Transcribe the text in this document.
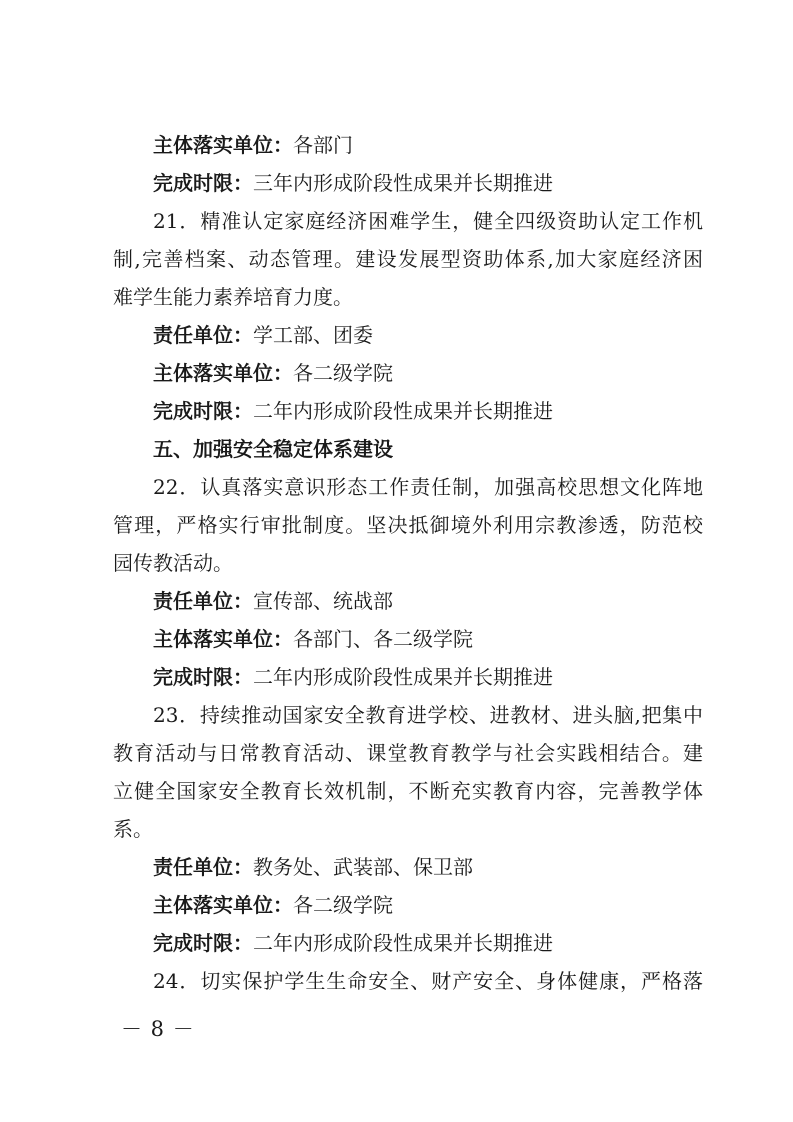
主体落实单位：各部门
完成时限：三年内形成阶段性成果并长期推进
21．精准认定家庭经济困难学生，健全四级资助认定工作机
制,完善档案、动态管理。建设发展型资助体系,加大家庭经济困
难学生能力素养培育力度。
责任单位：学工部、团委
主体落实单位：各二级学院
完成时限：二年内形成阶段性成果并长期推进
五、加强安全稳定体系建设
22．认真落实意识形态工作责任制，加强高校思想文化阵地
管理，严格实行审批制度。坚决抵御境外利用宗教渗透，防范校
园传教活动。
责任单位：宣传部、统战部
主体落实单位：各部门、各二级学院
完成时限：二年内形成阶段性成果并长期推进
23．持续推动国家安全教育进学校、进教材、进头脑,把集中
教育活动与日常教育活动、课堂教育教学与社会实践相结合。建
立健全国家安全教育长效机制，不断充实教育内容，完善教学体
系。
责任单位：教务处、武装部、保卫部
主体落实单位：各二级学院
完成时限：二年内形成阶段性成果并长期推进
24．切实保护学生生命安全、财产安全、身体健康，严格落
－ 8 －
